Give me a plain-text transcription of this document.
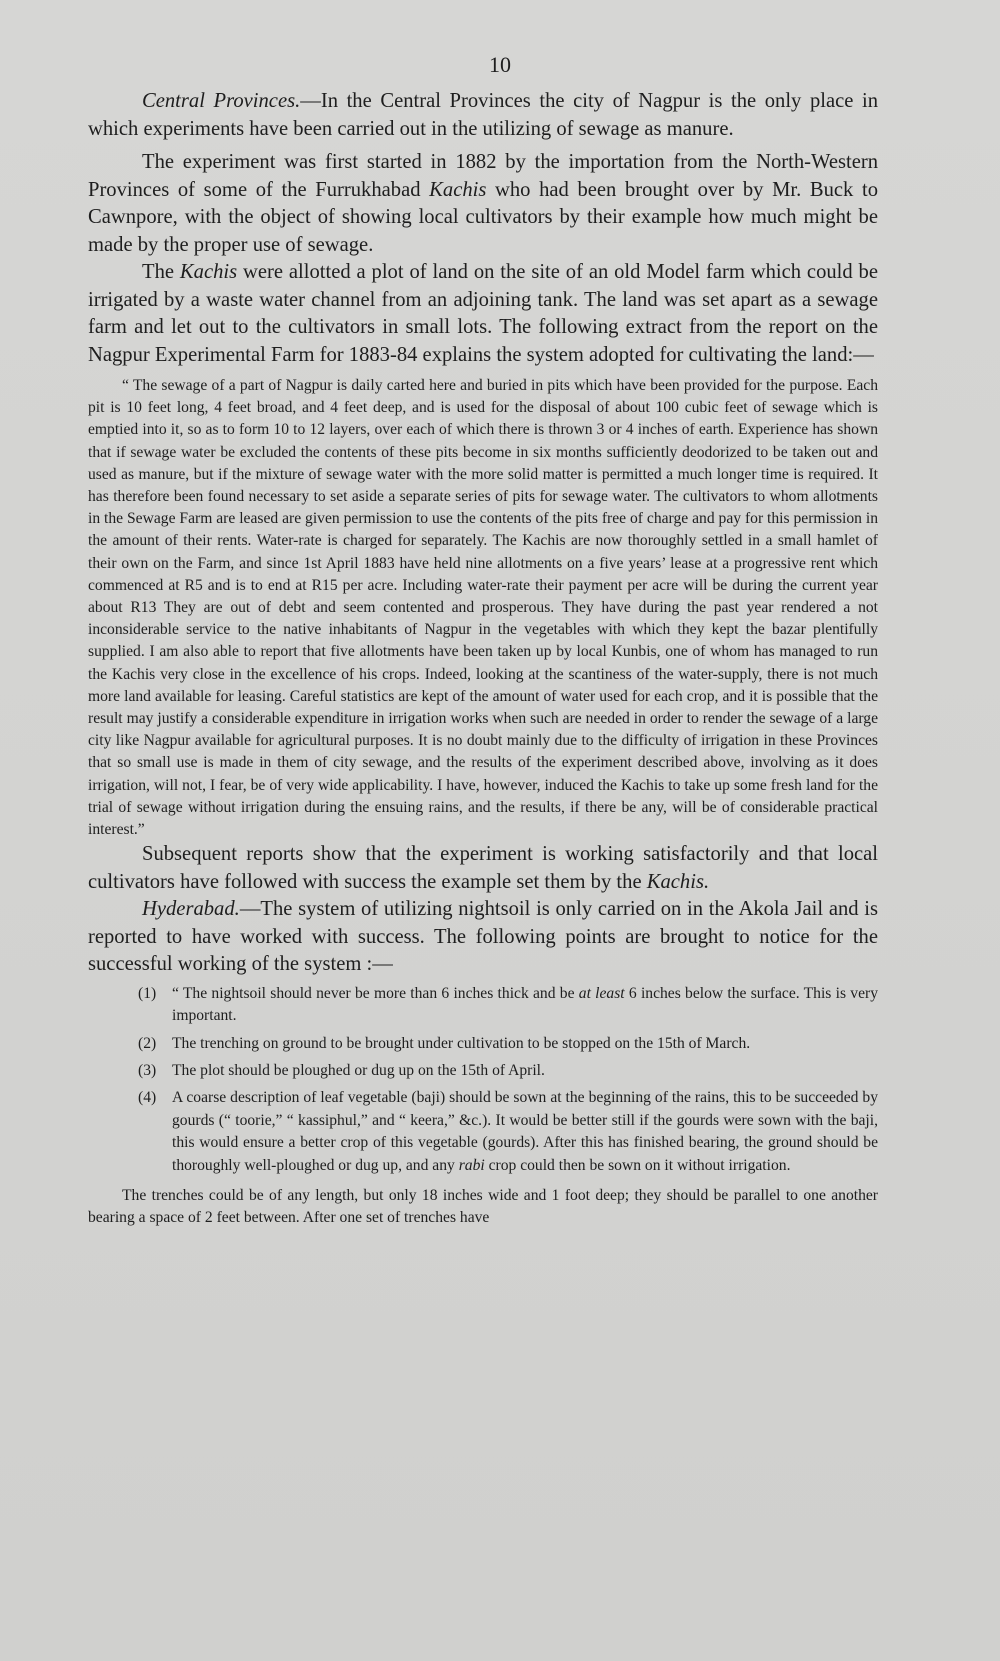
10

Central Provinces.—In the Central Provinces the city of Nagpur is the only place in which experiments have been carried out in the utilizing of sewage as manure.

The experiment was first started in 1882 by the importation from the North-Western Provinces of some of the Furrukhabad Kachis who had been brought over by Mr. Buck to Cawnpore, with the object of showing local cultivators by their example how much might be made by the proper use of sewage.

The Kachis were allotted a plot of land on the site of an old Model farm which could be irrigated by a waste water channel from an adjoining tank. The land was set apart as a sewage farm and let out to the cultivators in small lots. The following extract from the report on the Nagpur Experimental Farm for 1883-84 explains the system adopted for cultivating the land:—

“ The sewage of a part of Nagpur is daily carted here and buried in pits which have been provided for the purpose. Each pit is 10 feet long, 4 feet broad, and 4 feet deep, and is used for the disposal of about 100 cubic feet of sewage which is emptied into it, so as to form 10 to 12 layers, over each of which there is thrown 3 or 4 inches of earth. Experience has shown that if sewage water be excluded the contents of these pits become in six months sufficiently deodorized to be taken out and used as manure, but if the mixture of sewage water with the more solid matter is permitted a much longer time is required. It has therefore been found necessary to set aside a separate series of pits for sewage water. The cultivators to whom allotments in the Sewage Farm are leased are given permission to use the contents of the pits free of charge and pay for this permission in the amount of their rents. Water-rate is charged for separately. The Kachis are now thoroughly settled in a small hamlet of their own on the Farm, and since 1st April 1883 have held nine allotments on a five years’ lease at a progressive rent which commenced at R5 and is to end at R15 per acre. Including water-rate their payment per acre will be during the current year about R13 They are out of debt and seem contented and prosperous. They have during the past year rendered a not inconsiderable service to the native inhabitants of Nagpur in the vegetables with which they kept the bazar plentifully supplied. I am also able to report that five allotments have been taken up by local Kunbis, one of whom has managed to run the Kachis very close in the excellence of his crops. Indeed, looking at the scantiness of the water-supply, there is not much more land available for leasing. Careful statistics are kept of the amount of water used for each crop, and it is possible that the result may justify a considerable expenditure in irrigation works when such are needed in order to render the sewage of a large city like Nagpur available for agricultural purposes. It is no doubt mainly due to the difficulty of irrigation in these Provinces that so small use is made in them of city sewage, and the results of the experiment described above, involving as it does irrigation, will not, I fear, be of very wide applicability. I have, however, induced the Kachis to take up some fresh land for the trial of sewage without irrigation during the ensuing rains, and the results, if there be any, will be of considerable practical interest.”

Subsequent reports show that the experiment is working satisfactorily and that local cultivators have followed with success the example set them by the Kachis.

Hyderabad.—The system of utilizing nightsoil is only carried on in the Akola Jail and is reported to have worked with success. The following points are brought to notice for the successful working of the system :—

(1) “ The nightsoil should never be more than 6 inches thick and be at least 6 inches below the surface. This is very important.
(2) The trenching on ground to be brought under cultivation to be stopped on the 15th of March.
(3) The plot should be ploughed or dug up on the 15th of April.
(4) A coarse description of leaf vegetable (baji) should be sown at the beginning of the rains, this to be succeeded by gourds (“ toorie,” “ kassiphul,” and “ keera,” &c.). It would be better still if the gourds were sown with the baji, this would ensure a better crop of this vegetable (gourds). After this has finished bearing, the ground should be thoroughly well-ploughed or dug up, and any rabi crop could then be sown on it without irrigation.

The trenches could be of any length, but only 18 inches wide and 1 foot deep; they should be parallel to one another bearing a space of 2 feet between. After one set of trenches have
